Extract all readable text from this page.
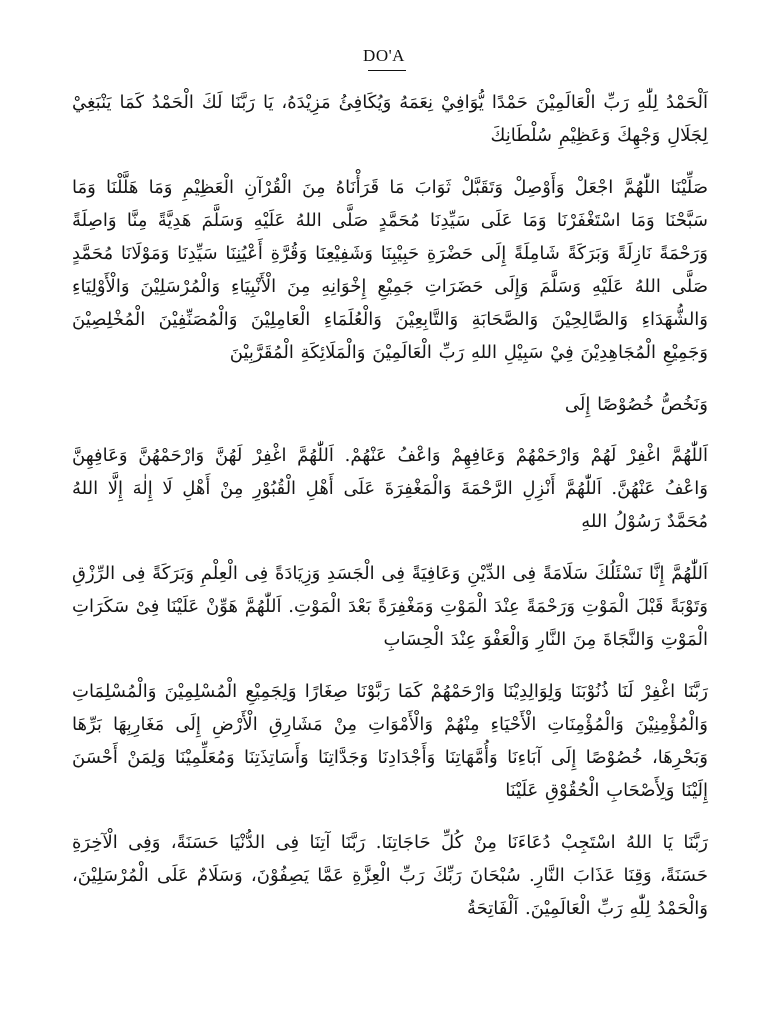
DO'A

اَلْحَمْدُ لِلّٰهِ رَبِّ الْعَالَمِيْنَ حَمْدًا يُّوَافِيْ نِعَمَهُ وَيُكَافِئُ مَزِيْدَهُ، يَا رَبَّنَا لَكَ الْحَمْدُ كَمَا يَنْبَغِيْ لِجَلَالِ وَجْهِكَ وَعَظِيْمِ سُلْطَانِكَ

صَلِّيْنَا اللّٰهُمَّ اجْعَلْ وَأَوْصِلْ وَتَقَبَّلْ ثَوَابَ مَا قَرَأْنَاهُ مِنَ الْقُرْآنِ الْعَظِيْمِ وَمَا هَلَّلْنَا وَمَا سَبَّحْنَا وَمَا اسْتَغْفَرْنَا وَمَا عَلَى سَيِّدِنَا مُحَمَّدٍ صَلَّى اللهُ عَلَيْهِ وَسَلَّمَ هَدِيَّةً مِنَّا وَاصِلَةً وَرَحْمَةً نَازِلَةً وَبَرَكَةً شَامِلَةً إِلَى حَضْرَةِ حَبِيْبِنَا وَشَفِيْعِنَا وَقُرَّةِ أَعْيُنِنَا سَيِّدِنَا وَمَوْلَانَا مُحَمَّدٍ صَلَّى اللهُ عَلَيْهِ وَسَلَّمَ وَإِلَى حَضَرَاتِ جَمِيْعِ إِخْوَانِهِ مِنَ الْأَنْبِيَاءِ وَالْمُرْسَلِيْنَ وَالْأَوْلِيَاءِ وَالشُّهَدَاءِ وَالصَّالِحِيْنَ وَالصَّحَابَةِ وَالتَّابِعِيْنَ وَالْعُلَمَاءِ الْعَامِلِيْنَ وَالْمُصَنِّفِيْنَ الْمُخْلِصِيْنَ وَجَمِيْعِ الْمُجَاهِدِيْنَ فِيْ سَبِيْلِ اللهِ رَبِّ الْعَالَمِيْنَ وَالْمَلَائِكَةِ الْمُقَرَّبِيْنَ

وَنَخُصُّ خُصُوْصًا إِلَى

اَللّٰهُمَّ اغْفِرْ لَهُمْ وَارْحَمْهُمْ وَعَافِهِمْ وَاعْفُ عَنْهُمْ. اَللّٰهُمَّ اغْفِرْ لَهُنَّ وَارْحَمْهُنَّ وَعَافِهِنَّ وَاعْفُ عَنْهُنَّ. اَللّٰهُمَّ أَنْزِلِ الرَّحْمَةَ وَالْمَغْفِرَةَ عَلَى أَهْلِ الْقُبُوْرِ مِنْ أَهْلِ لَا إِلٰهَ إِلَّا اللهُ مُحَمَّدٌ رَسُوْلُ اللهِ

اَللّٰهُمَّ إِنَّا نَسْئَلُكَ سَلَامَةً فِى الدِّيْنِ وَعَافِيَةً فِى الْجَسَدِ وَزِيَادَةً فِى الْعِلْمِ وَبَرَكَةً فِى الرِّزْقِ وَتَوْبَةً قَبْلَ الْمَوْتِ وَرَحْمَةً عِنْدَ الْمَوْتِ وَمَغْفِرَةً بَعْدَ الْمَوْتِ. اَللّٰهُمَّ هَوِّنْ عَلَيْنَا فِىْ سَكَرَاتِ الْمَوْتِ وَالنَّجَاةَ مِنَ النَّارِ وَالْعَفْوَ عِنْدَ الْحِسَابِ

رَبَّنَا اغْفِرْ لَنَا ذُنُوْبَنَا وَلِوَالِدِيْنَا وَارْحَمْهُمْ كَمَا رَبَّوْنَا صِغَارًا وَلِجَمِيْعِ الْمُسْلِمِيْنَ وَالْمُسْلِمَاتِ وَالْمُؤْمِنِيْنَ وَالْمُؤْمِنَاتِ الْأَحْيَاءِ مِنْهُمْ وَالْأَمْوَاتِ مِنْ مَشَارِقِ الْأَرْضِ إِلَى مَغَارِبِهَا بَرِّهَا وَبَحْرِهَا، خُصُوْصًا إِلَى آبَاءِنَا وَأُمَّهَاتِنَا وَأَجْدَادِنَا وَجَدَّاتِنَا وَأَسَاتِذَتِنَا وَمُعَلِّمِيْنَا وَلِمَنْ أَحْسَنَ إِلَيْنَا وَلِأَصْحَابِ الْحُقُوْقِ عَلَيْنَا

رَبَّنَا يَا اللهُ اسْتَجِبْ دُعَاءَنَا مِنْ كُلِّ حَاجَاتِنَا. رَبَّنَا آتِنَا فِى الدُّنْيَا حَسَنَةً، وَفِى الْآخِرَةِ حَسَنَةً، وَقِنَا عَذَابَ النَّارِ. سُبْحَانَ رَبِّكَ رَبِّ الْعِزَّةِ عَمَّا يَصِفُوْنَ، وَسَلَامٌ عَلَى الْمُرْسَلِيْنَ، وَالْحَمْدُ لِلّٰهِ رَبِّ الْعَالَمِيْنَ. اَلْفَاتِحَةُ
